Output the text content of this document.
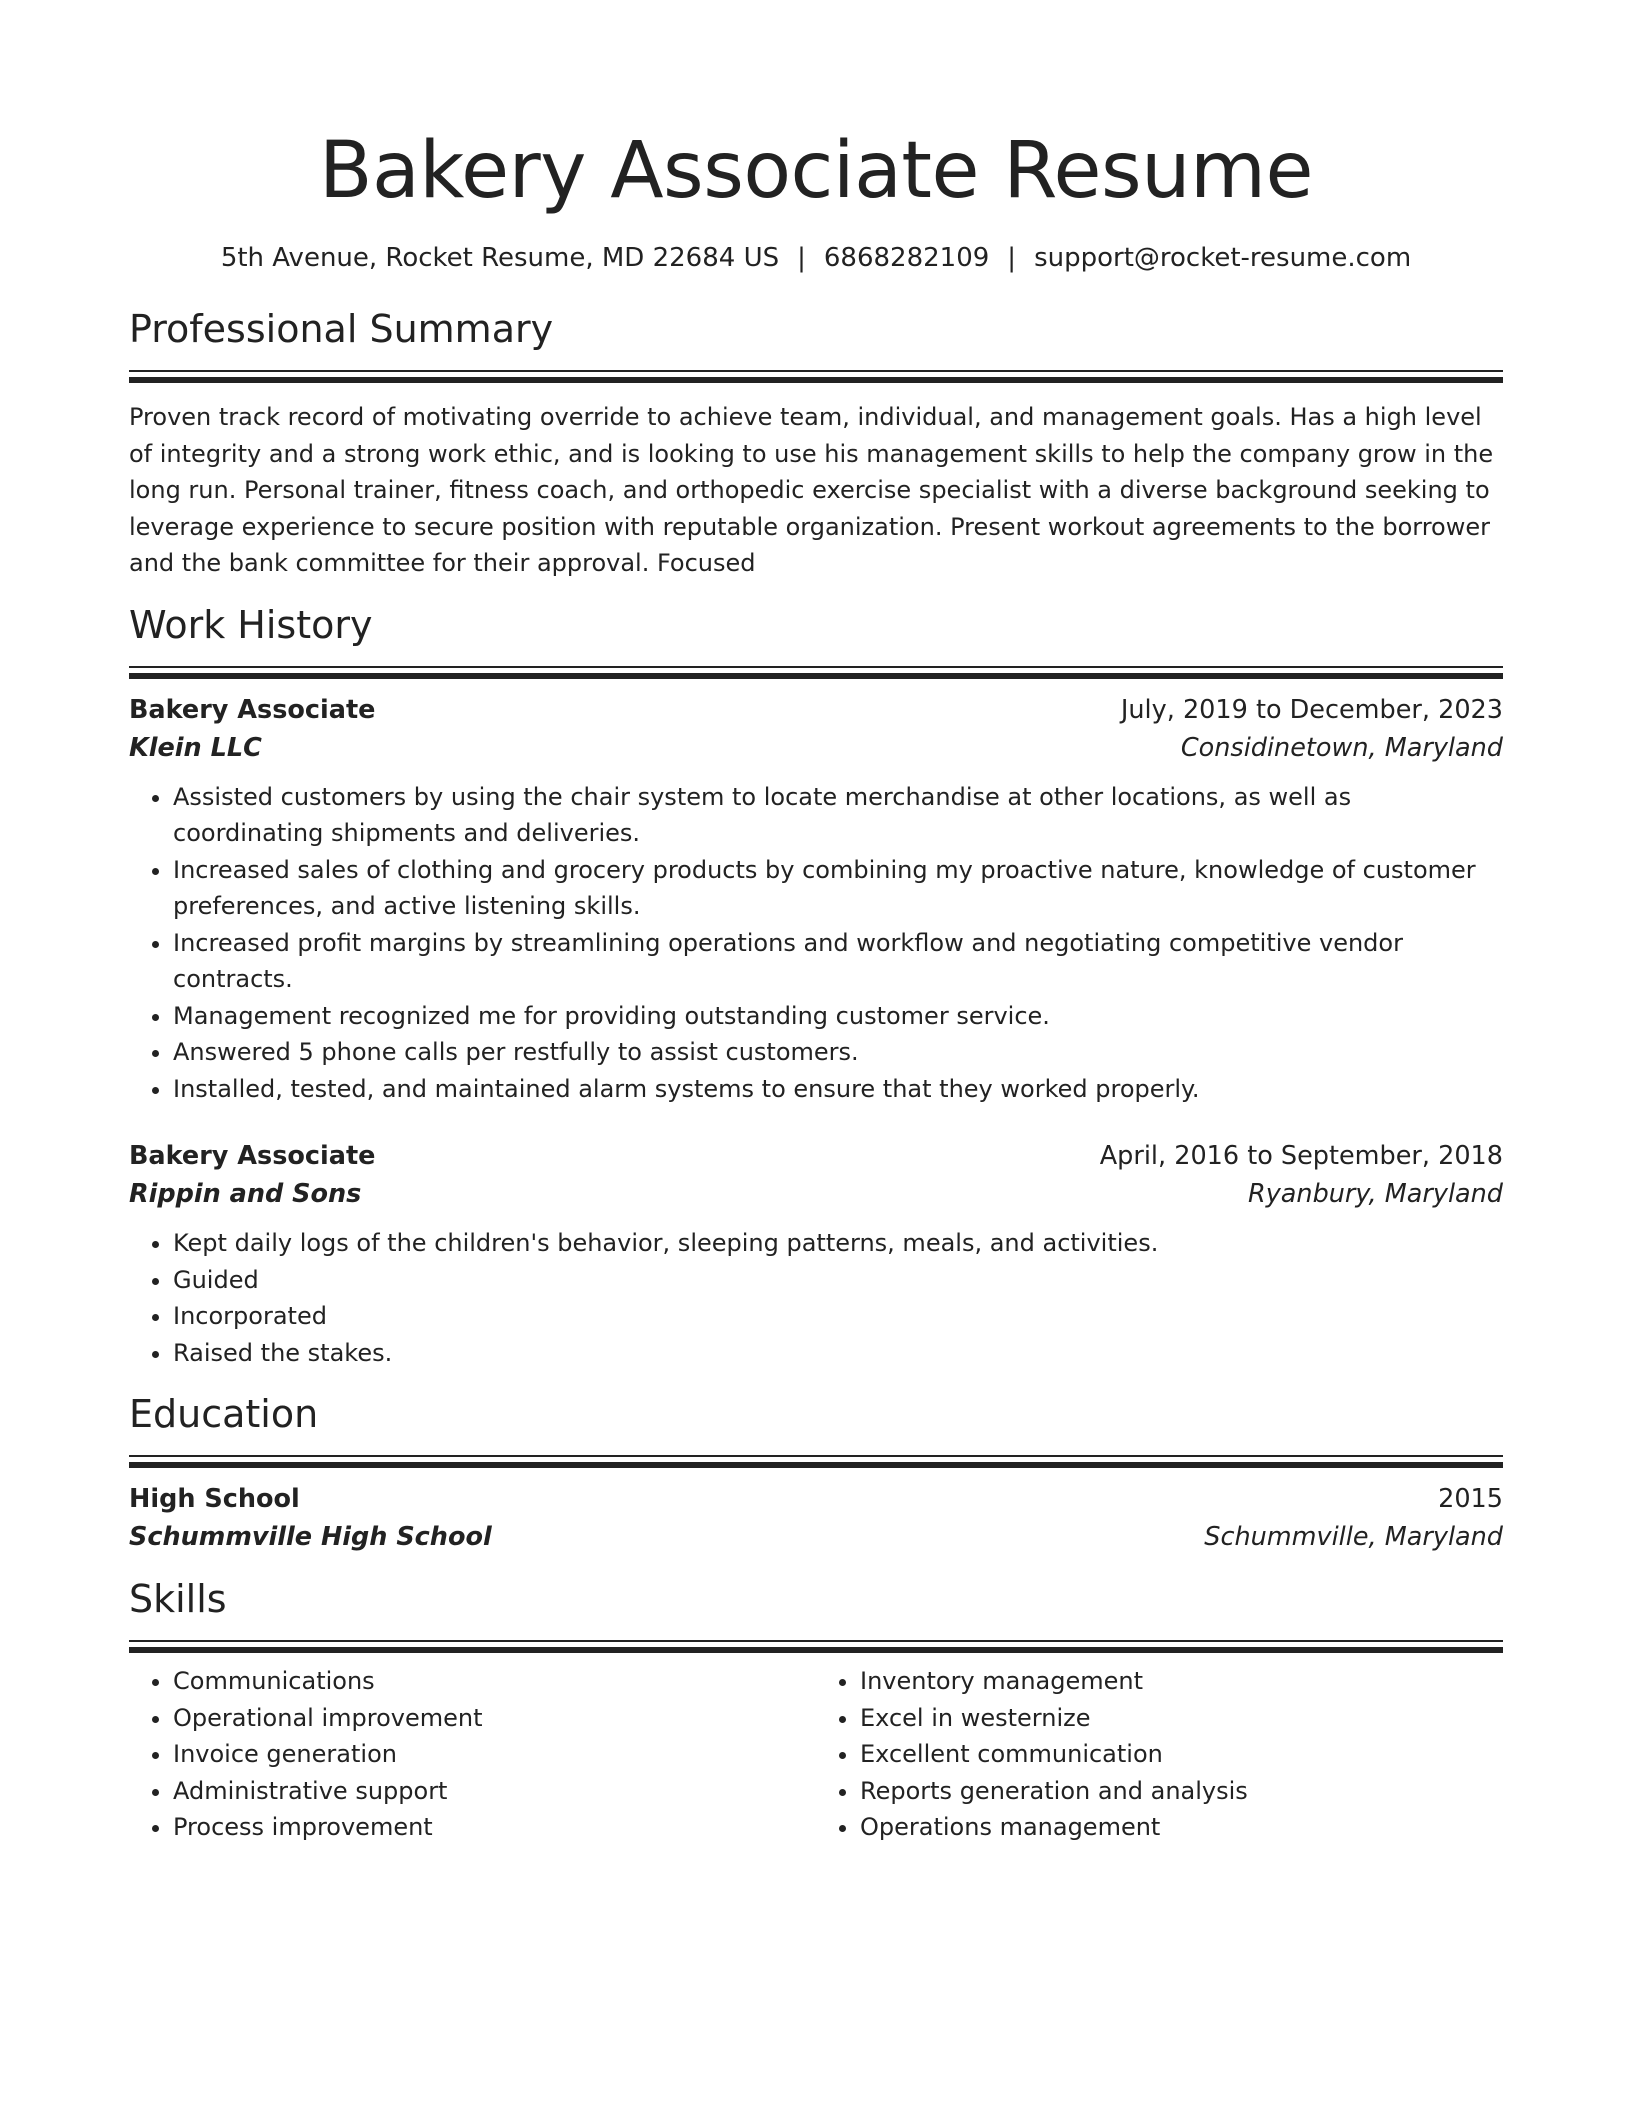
Bakery Associate Resume
5th Avenue, Rocket Resume, MD 22684 US | 6868282109 | support@rocket-resume.com
Professional Summary
Proven track record of motivating override to achieve team, individual, and management goals. Has a high level of integrity and a strong work ethic, and is looking to use his management skills to help the company grow in the long run. Personal trainer, fitness coach, and orthopedic exercise specialist with a diverse background seeking to leverage experience to secure position with reputable organization. Present workout agreements to the borrower and the bank committee for their approval. Focused
Work History
Bakery Associate	July, 2019 to December, 2023
Klein LLC	Considinetown, Maryland
• Assisted customers by using the chair system to locate merchandise at other locations, as well as coordinating shipments and deliveries.
• Increased sales of clothing and grocery products by combining my proactive nature, knowledge of customer preferences, and active listening skills.
• Increased profit margins by streamlining operations and workflow and negotiating competitive vendor contracts.
• Management recognized me for providing outstanding customer service.
• Answered 5 phone calls per restfully to assist customers.
• Installed, tested, and maintained alarm systems to ensure that they worked properly.
Bakery Associate	April, 2016 to September, 2018
Rippin and Sons	Ryanbury, Maryland
• Kept daily logs of the children's behavior, sleeping patterns, meals, and activities.
• Guided
• Incorporated
• Raised the stakes.
Education
High School	2015
Schummville High School	Schummville, Maryland
Skills
• Communications
• Operational improvement
• Invoice generation
• Administrative support
• Process improvement
• Inventory management
• Excel in westernize
• Excellent communication
• Reports generation and analysis
• Operations management
